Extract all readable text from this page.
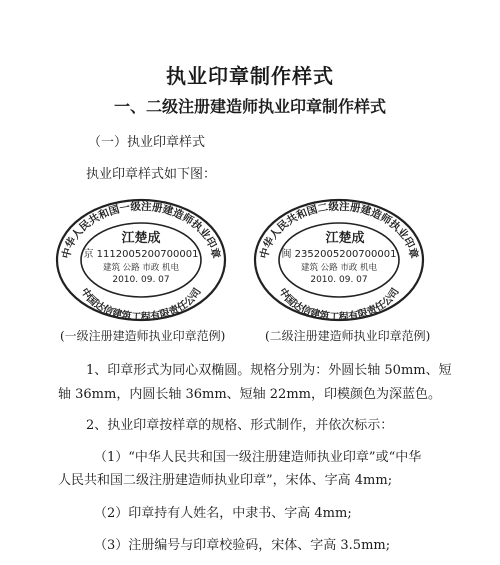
执业印章制作样式
一、二级注册建造师执业印章制作样式
（一）执业印章样式
执业印章样式如下图：
中华人民共和国一级注册建造师执业印章
中国达信建筑工程有限责任公司
江楚成
京 1112005200700001
建筑 公路 市政 机电
2010. 09. 07
中华人民共和国二级注册建造师执业印章
中国达信建筑工程有限责任公司
江楚成
闽 2352005200700001
建筑 公路 市政 机电
2010. 09. 07
(一级注册建造师执业印章范例)	(二级注册建造师执业印章范例)
1、印章形式为同心双椭圆。规格分别为：外圆长轴 50mm、短
轴 36mm，内圆长轴 36mm、短轴 22mm，印模颜色为深蓝色。
2、执业印章按样章的规格、形式制作，并依次标示：
（1）“中华人民共和国一级注册建造师执业印章”或“中华
人民共和国二级注册建造师执业印章”，宋体、字高 4mm;
（2）印章持有人姓名，中隶书、字高 4mm;
（3）注册编号与印章校验码，宋体、字高 3.5mm;
